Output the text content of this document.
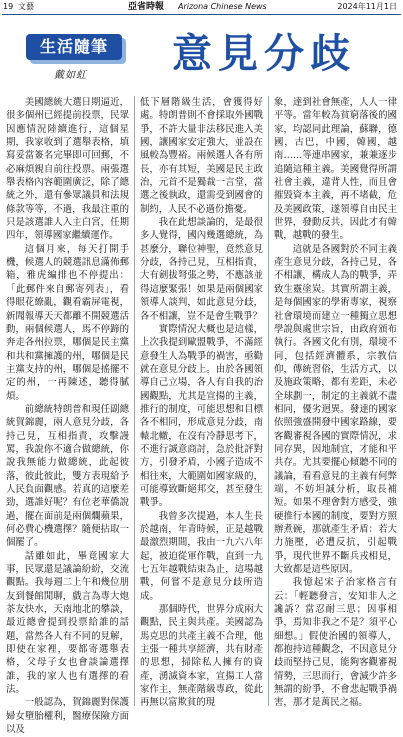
19 文藝	亞省時報 Arizona Chinese News	2024年11月1日
生活隨筆
戴如虹	意見分歧

美國總統大選日期逼近，很多個州已經提前投票，民眾因應情況陸續進行，這個星期，我家收到了選舉表格，填寫妥當簽名完畢即可回郵，不必麻煩親自前往投票。兩張選舉表格內容範圍廣泛，除了總統之外，還有參眾議員和法規條款等等，不過，我最注重的只是該選誰人入主白宮，任期四年，領導國家繼續運作。

這個月來，每天打開手機，候選人的競選訊息滿佈郵箱，雅虎編排也不停提出：「此郵件來自郵寄列表」，看得眼花繚亂，觀看霸屏電視，新聞報導天天都離不開競選活動，兩個候選人，馬不停蹄的奔走各州拉票，哪個是民主黨和共和黨擁護的州，哪個是民主黨支持的州，哪個是搖擺不定的州，一再陳述，聽得膩煩。

前總統特朗普和現任副總統賀錦麗，兩人意見分歧，各持己見，互相指責，攻擊謾罵，我說你不適合做總統，你說我無能力做總統，此起彼落，彼此彼此，雙方表現給予人民負面觀感。若真的這麼差勁，選誰好呢？有位老華僑說過，擺在面前是兩個爛蘋果，何必費心機選擇？隨便拈取一個罷了。

話雖如此，畢竟國家大事，民眾還是議論紛紛，交流觀點。我每週二上午和幾位朋友到餐館閒聊，戲言為專大炮茶友快水，天南地北的攀談，最近總會提到投票給誰的話題，當然各人有不同的見解，即使在家裡，要都寄選舉表格，父母子女也會談論選擇誰，我的家人也有選擇的看法。

一般認為，賀錦麗對保護婦女墮胎權利，醫療保險方面以及

低下層階級生活，會獲得好處。特朗普則不會採取外國戰爭，不許大量非法移民進入美國，讓國家安定強大，並設在風較為豐裕。兩候選人各有所長，亦有其短，美國是民主政治，元首不是獨裁一言堂，當選之後執政，還需受到國會的制約，人民不必過份擔憂。

我在此想談論的，是最很多人覺得，國內幾選總統，為甚麼分，聯位神聖，竟然意見分歧，各持己見，互相指責，大有劍拔弩張之勢，不應該並得這麼緊張！如果是兩個國家領導人談判，如此意見分歧，各不相讓，豈不是會生戰爭？

實際情況大概也是這樣，上次我提到歐盟戰爭，不滿經意發生人為戰爭的禍害，亟勸就在意見分歧上。由於各國領導自己立場，各人有自我的治國觀點，尤其是宣揚的主義，推行的制度，可能思想和目標各不相同，形成意見分歧，南轅北轍，在沒有冷靜思考下，不進行誠意商討，急於批評對方，引發矛盾，小國子造成不相往來，大範圍如國家級的，可能導致斷絕邦交，甚至發生戰爭。

我曾多次提過，本人生長於越南，年青時候，正是越戰最激烈期間，我由一九六八年起，被迫從軍作戰，直到一九七五年越戰結束為止，這場越戰，何嘗不是意見分歧所造成。

那個時代，世界分成兩大觀點，民主與共產。美國認為馬克思的共產主義不合理，他主張一種共享經濟，共有財產的思想，掃除私人擁有的資產，湧滅資本家，宣揚工人當家作主，無產階級專政，從此再無以富欺貧的現

象，達到社會無產，人人一律平等。當年較為貧窮落後的國家，均認同此理論，蘇聯，德國，古巴，中國，韓國，越南……等連串國家，兼兼逐步追隨這種主義。美國覺得所謂社會主義，違背人性，而且會摧毀資本主義，再不堵截，危及美國政策，遂領導自由民主世界，發動反共，因此才有韓戰，越戰的發生。

這就是各國對於不同主義產生意見分歧，各持己見，各不相讓，構成人為的戰爭，弄致生靈塗炭。其實所謂主義，是每個國家的學術專家，視察社會環境而建立一種獨立思想學說與處世宗旨，由政府頒布執行。各國文化有別，環境不同，包括經濟體系，宗教信仰，傳統習俗，生活方式，以及施政策略，都有差距，未必全球劃一，制定的主義就不盡相同，優劣迥異。發達的國家依照強盛開發中國家路線，要客觀審視各國的實際情況，求同存異，因地制宜，才能和平共存。尤其要擺心傾聽不同的議論，看看意見的主義有何弊端，不妨坦誠分析，取長補短。如果不理會對方感受，強硬推行本國的制度，要對方照辦煮碗，那就產生矛盾：若大力施壓，必遭反抗，引起戰爭，現代世界不斷兵戎相見，大致都是這些原因。

我憶起宋子治家格言有云：「輕聽發言，安知非人之讒訴？當忍耐三思；因事相爭，焉知非我之不是？須平心細想。」假使治國的領導人，都抱持這種觀念，不因意見分歧而堅持己見，能夠客觀審視情勢，三思而行，會減少許多無謂的紛爭，不會悲起戰爭禍害，那才是萬民之福。
